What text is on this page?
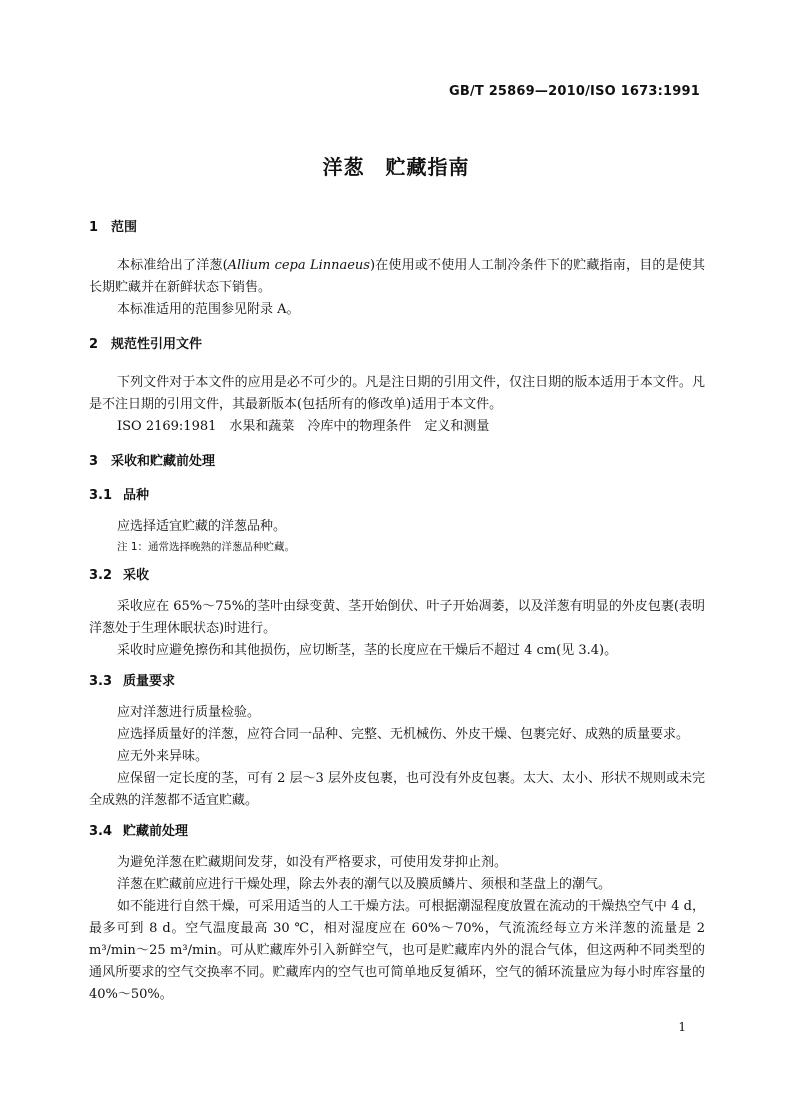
GB/T 25869—2010/ISO 1673:1991
洋葱　贮藏指南
1 范围

本标准给出了洋葱(Allium cepa Linnaeus)在使用或不使用人工制冷条件下的贮藏指南，目的是使其长期贮藏并在新鲜状态下销售。

本标准适用的范围参见附录 A。

2 规范性引用文件

下列文件对于本文件的应用是必不可少的。凡是注日期的引用文件，仅注日期的版本适用于本文件。凡是不注日期的引用文件，其最新版本(包括所有的修改单)适用于本文件。

ISO 2169:1981　水果和蔬菜　冷库中的物理条件　定义和测量

3 采收和贮藏前处理
3.1 品种

应选择适宜贮藏的洋葱品种。

注 1：通常选择晚熟的洋葱品种贮藏。

3.2 采收

采收应在 65%～75%的茎叶由绿变黄、茎开始倒伏、叶子开始凋萎，以及洋葱有明显的外皮包裹(表明洋葱处于生理休眠状态)时进行。

采收时应避免擦伤和其他损伤，应切断茎，茎的长度应在干燥后不超过 4 cm(见 3.4)。

3.3 质量要求

应对洋葱进行质量检验。

应选择质量好的洋葱，应符合同一品种、完整、无机械伤、外皮干燥、包裹完好、成熟的质量要求。

应无外来异味。

应保留一定长度的茎，可有 2 层～3 层外皮包裹，也可没有外皮包裹。太大、太小、形状不规则或未完全成熟的洋葱都不适宜贮藏。

3.4 贮藏前处理

为避免洋葱在贮藏期间发芽，如没有严格要求，可使用发芽抑止剂。

洋葱在贮藏前应进行干燥处理，除去外表的潮气以及膜质鳞片、须根和茎盘上的潮气。

如不能进行自然干燥，可采用适当的人工干燥方法。可根据潮湿程度放置在流动的干燥热空气中 4 d，最多可到 8 d。空气温度最高 30 ℃，相对湿度应在 60%～70%，气流流经每立方米洋葱的流量是 2 m³/min～25 m³/min。可从贮藏库外引入新鲜空气，也可是贮藏库内外的混合气体，但这两种不同类型的通风所要求的空气交换率不同。贮藏库内的空气也可简单地反复循环，空气的循环流量应为每小时库容量的 40%～50%。

1
